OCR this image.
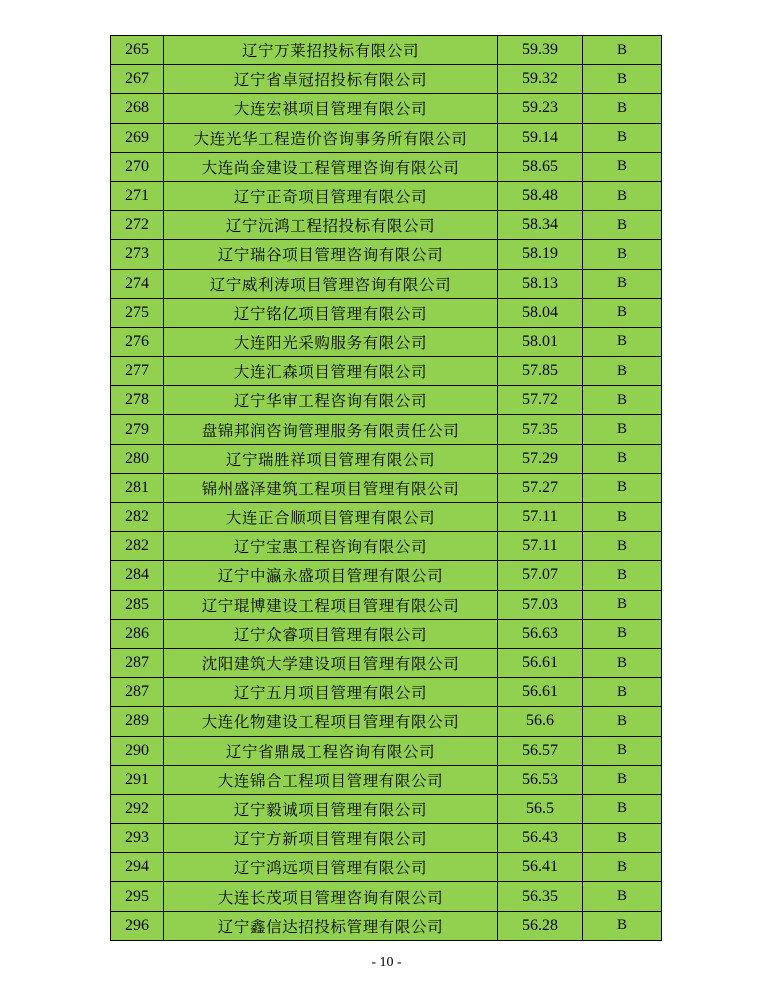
265	辽宁万莱招投标有限公司	59.39	B
267	辽宁省卓冠招投标有限公司	59.32	B
268	大连宏祺项目管理有限公司	59.23	B
269	大连光华工程造价咨询事务所有限公司	59.14	B
270	大连尚金建设工程管理咨询有限公司	58.65	B
271	辽宁正奇项目管理有限公司	58.48	B
272	辽宁沅鸿工程招投标有限公司	58.34	B
273	辽宁瑞谷项目管理咨询有限公司	58.19	B
274	辽宁威利涛项目管理咨询有限公司	58.13	B
275	辽宁铭亿项目管理有限公司	58.04	B
276	大连阳光采购服务有限公司	58.01	B
277	大连汇森项目管理有限公司	57.85	B
278	辽宁华审工程咨询有限公司	57.72	B
279	盘锦邦润咨询管理服务有限责任公司	57.35	B
280	辽宁瑞胜祥项目管理有限公司	57.29	B
281	锦州盛泽建筑工程项目管理有限公司	57.27	B
282	大连正合顺项目管理有限公司	57.11	B
282	辽宁宝惠工程咨询有限公司	57.11	B
284	辽宁中瀛永盛项目管理有限公司	57.07	B
285	辽宁琨博建设工程项目管理有限公司	57.03	B
286	辽宁众睿项目管理有限公司	56.63	B
287	沈阳建筑大学建设项目管理有限公司	56.61	B
287	辽宁五月项目管理有限公司	56.61	B
289	大连化物建设工程项目管理有限公司	56.6	B
290	辽宁省鼎晟工程咨询有限公司	56.57	B
291	大连锦合工程项目管理有限公司	56.53	B
292	辽宁毅诚项目管理有限公司	56.5	B
293	辽宁方新项目管理有限公司	56.43	B
294	辽宁鸿远项目管理有限公司	56.41	B
295	大连长茂项目管理咨询有限公司	56.35	B
296	辽宁鑫信达招投标管理有限公司	56.28	B
- 10 -
